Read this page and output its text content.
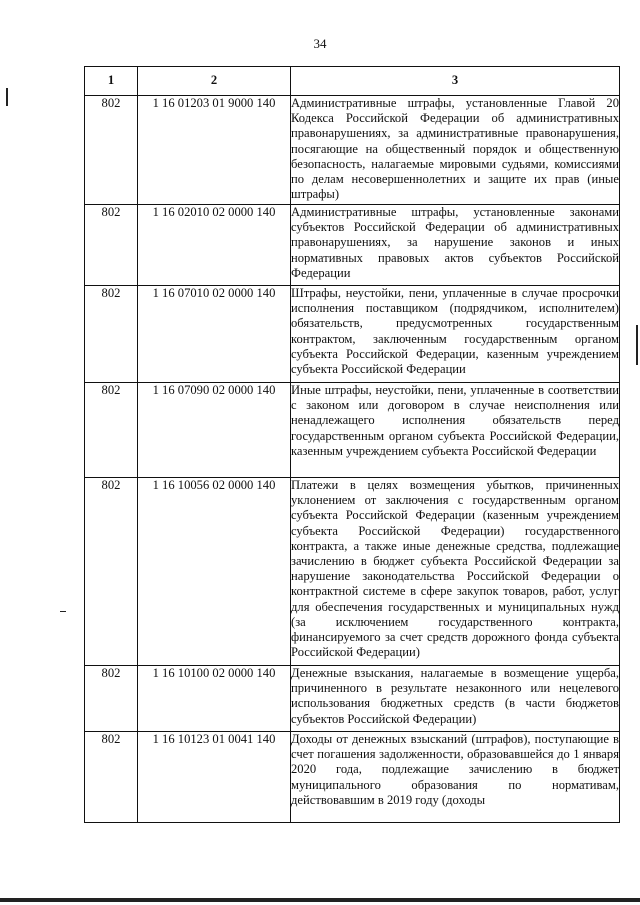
34
1	2	3
802	1 16 01203 01 9000 140	Административные штрафы, установленные Главой 20 Кодекса Российской Федерации об административных правонарушениях, за административные правонарушения, посягающие на общественный порядок и общественную безопасность, налагаемые мировыми судьями, комиссиями по делам несовершеннолетних и защите их прав (иные штрафы)
802	1 16 02010 02 0000 140	Административные штрафы, установленные законами субъектов Российской Федерации об административных правонарушениях, за нарушение законов и иных нормативных правовых актов субъектов Российской Федерации
802	1 16 07010 02 0000 140	Штрафы, неустойки, пени, уплаченные в случае просрочки исполнения поставщиком (подрядчиком, исполнителем) обязательств, предусмотренных государственным контрактом, заключенным государственным органом субъекта Российской Федерации, казенным учреждением субъекта Российской Федерации
802	1 16 07090 02 0000 140	Иные штрафы, неустойки, пени, уплаченные в соответствии с законом или договором в случае неисполнения или ненадлежащего исполнения обязательств перед государственным органом субъекта Российской Федерации, казенным учреждением субъекта Российской Федерации
802	1 16 10056 02 0000 140	Платежи в целях возмещения убытков, причиненных уклонением от заключения с государственным органом субъекта Российской Федерации (казенным учреждением субъекта Российской Федерации) государственного контракта, а также иные денежные средства, подлежащие зачислению в бюджет субъекта Российской Федерации за нарушение законодательства Российской Федерации о контрактной системе в сфере закупок товаров, работ, услуг для обеспечения государственных и муниципальных нужд (за исключением государственного контракта, финансируемого за счет средств дорожного фонда субъекта Российской Федерации)
802	1 16 10100 02 0000 140	Денежные взыскания, налагаемые в возмещение ущерба, причиненного в результате незаконного или нецелевого использования бюджетных средств (в части бюджетов субъектов Российской Федерации)
802	1 16 10123 01 0041 140	Доходы от денежных взысканий (штрафов), поступающие в счет погашения задолженности, образовавшейся до 1 января 2020 года, подлежащие зачислению в бюджет муниципального образования по нормативам, действовавшим в 2019 году (доходы
